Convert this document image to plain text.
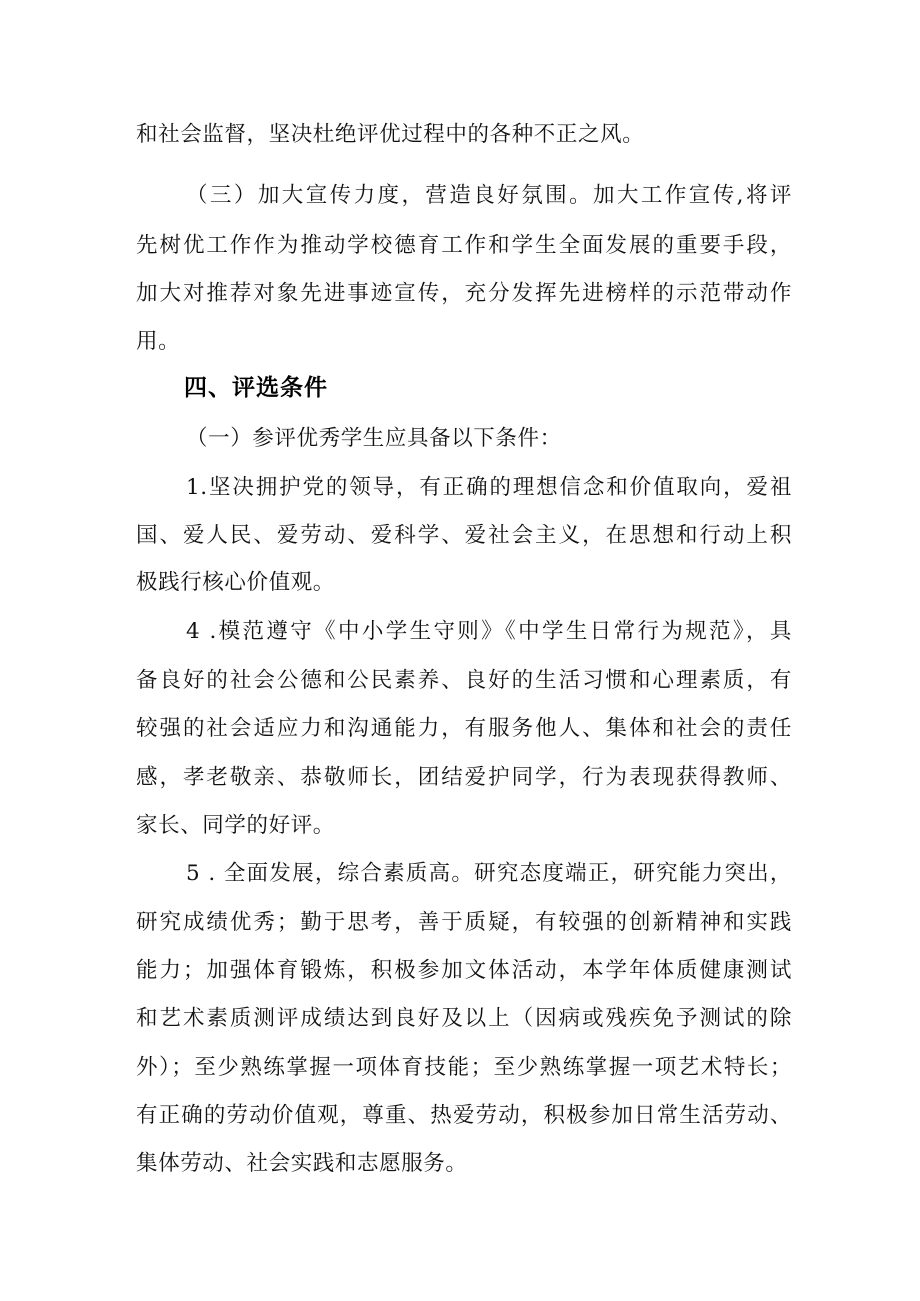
和社会监督，坚决杜绝评优过程中的各种不正之风。

（三）加大宣传力度，营造良好氛围。加大工作宣传,将评

先树优工作作为推动学校德育工作和学生全面发展的重要手段，

加大对推荐对象先进事迹宣传，充分发挥先进榜样的示范带动作

用。

四、评选条件

（一）参评优秀学生应具备以下条件：

1.坚决拥护党的领导，有正确的理想信念和价值取向，爱祖

国、爱人民、爱劳动、爱科学、爱社会主义，在思想和行动上积

极践行核心价值观。

4 .模范遵守《中小学生守则》《中学生日常行为规范》，具

备良好的社会公德和公民素养、良好的生活习惯和心理素质，有

较强的社会适应力和沟通能力，有服务他人、集体和社会的责任

感，孝老敬亲、恭敬师长，团结爱护同学，行为表现获得教师、

家长、同学的好评。

5 . 全面发展，综合素质高。研究态度端正，研究能力突出，

研究成绩优秀；勤于思考，善于质疑，有较强的创新精神和实践

能力；加强体育锻炼，积极参加文体活动，本学年体质健康测试

和艺术素质测评成绩达到良好及以上（因病或残疾免予测试的除

外）；至少熟练掌握一项体育技能；至少熟练掌握一项艺术特长；

有正确的劳动价值观，尊重、热爱劳动，积极参加日常生活劳动、

集体劳动、社会实践和志愿服务。
